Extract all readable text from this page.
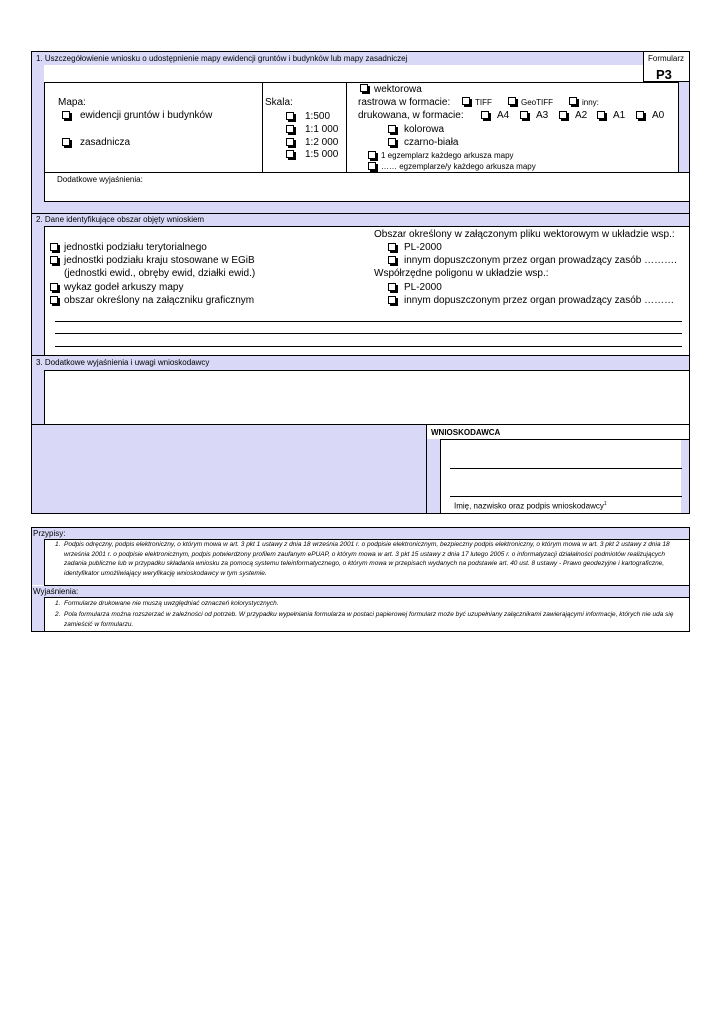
1. Uszczegółowienie wniosku o udostępnienie mapy ewidencji gruntów i budynków lub mapy zasadniczej	Formularz
P3
Mapa:
ewidencji gruntów i budynków
zasadnicza
Skala:
1:500
1:1 000
1:2 000
1:5 000
wektorowa
rastrowa w formacie:	TIFF	GeoTIFF	inny:
drukowana, w formacie:	A4	A3	A2	A1	A0
kolorowa
czarno-biała
1 egzemplarz każdego arkusza mapy
…… egzemplarze/y każdego arkusza mapy
Dodatkowe wyjaśnienia:
2. Dane identyfikujące obszar objęty wnioskiem
jednostki podziału terytorialnego
jednostki podziału kraju stosowane w EGiB
(jednostki ewid., obręby ewid, działki ewid.)
wykaz godeł arkuszy mapy
obszar określony na załączniku graficznym
Obszar określony w załączonym pliku wektorowym w układzie wsp.:
PL-2000
innym dopuszczonym przez organ prowadzący zasób ……….
Współrzędne poligonu w układzie wsp.:
PL-2000
innym dopuszczonym przez organ prowadzący zasób ………
3. Dodatkowe wyjaśnienia i uwagi wnioskodawcy
WNIOSKODAWCA
Imię, nazwisko oraz podpis wnioskodawcy$^1$
Przypisy:
1. Podpis odręczny, podpis elektroniczny, o którym mowa w art. 3 pkt 1 ustawy z dnia 18 września 2001 r. o podpisie elektronicznym, bezpieczny podpis elektroniczny, o którym mowa w art. 3 pkt 2 ustawy z dnia 18
września 2001 r. o podpisie elektronicznym, podpis potwierdzony profilem zaufanym ePUAP, o którym mowa w art. 3 pkt 15 ustawy z dnia 17 lutego 2005 r. o informatyzacji działalności podmiotów realizujących
zadania publiczne lub w przypadku składania wniosku za pomocą systemu teleinformatycznego, o którym mowa w przepisach wydanych na podstawie art. 40 ust. 8 ustawy - Prawo geodezyjne i kartograficzne,
identyfikator umożliwiający weryfikację wnioskodawcy w tym systemie.
Wyjaśnienia:
1. Formularze drukowane nie muszą uwzględniać oznaczeń kolorystycznych.
2. Pola formularza można rozszerzać w zależności od potrzeb. W przypadku wypełniania formularza w postaci papierowej formularz może być uzupełniany załącznikami zawierającymi informacje, których nie uda się
zamieścić w formularzu.
